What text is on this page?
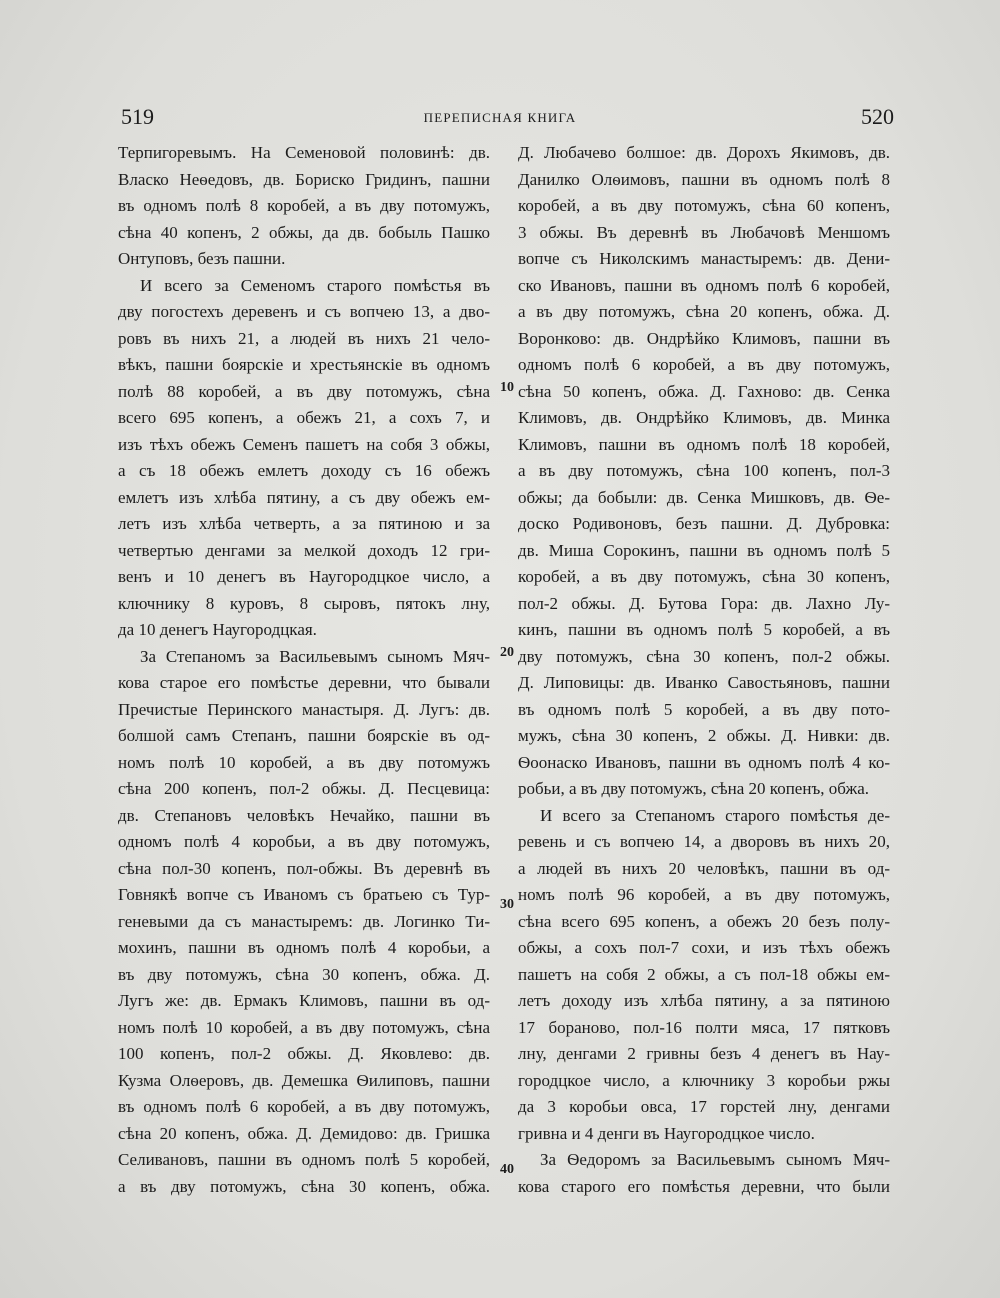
519	ПЕРЕПИСНАЯ КНИГА	520
Терпигоревымъ. На Семеновой половинѣ: дв.
Власко Неѳедовъ, дв. Бориско Гридинъ, пашни
въ одномъ полѣ 8 коробей, а въ дву потомужъ,
сѣна 40 копенъ, 2 обжы, да дв. бобыль Пашко
Онтуповъ, безъ пашни.
И всего за Семеномъ старого помѣстья въ
дву погостехъ деревенъ и съ вопчею 13, а дво-
ровъ въ нихъ 21, а людей въ нихъ 21 чело-
вѣкъ, пашни боярскіе и хрестьянскіе въ одномъ
полѣ 88 коробей, а въ дву потомужъ, сѣна
всего 695 копенъ, а обежъ 21, а сохъ 7, и
изъ тѣхъ обежъ Семенъ пашетъ на собя 3 обжы,
а съ 18 обежъ емлетъ доходу съ 16 обежъ
емлетъ изъ хлѣба пятину, а съ дву обежъ ем-
летъ изъ хлѣба четверть, а за пятиною и за
четвертью денгами за мелкой доходъ 12 гри-
венъ и 10 денегъ въ Наугородцкое число, а
ключнику 8 куровъ, 8 сыровъ, пятокъ лну,
да 10 денегъ Наугородцкая.
За Степаномъ за Васильевымъ сыномъ Мяч-
кова старое его помѣстье деревни, что бывали
Пречистые Перинского манастыря. Д. Лугъ: дв.
болшой самъ Степанъ, пашни боярскіе въ од-
номъ полѣ 10 коробей, а въ дву потомужъ
сѣна 200 копенъ, пол-2 обжы. Д. Песцевица:
дв. Степановъ человѣкъ Нечайко, пашни въ
одномъ полѣ 4 коробьи, а въ дву потомужъ,
сѣна пол-30 копенъ, пол-обжы. Въ деревнѣ въ
Говнякѣ вопче съ Иваномъ съ братьею съ Тур-
геневыми да съ манастыремъ: дв. Логинко Ти-
мохинъ, пашни въ одномъ полѣ 4 коробьи, а
въ дву потомужъ, сѣна 30 копенъ, обжа. Д.
Лугъ же: дв. Ермакъ Климовъ, пашни въ од-
номъ полѣ 10 коробей, а въ дву потомужъ, сѣна
100 копенъ, пол-2 обжы. Д. Яковлево: дв.
Кузма Олѳеровъ, дв. Демешка Ѳилиповъ, пашни
въ одномъ полѣ 6 коробей, а въ дву потомужъ,
сѣна 20 копенъ, обжа. Д. Демидово: дв. Гришка
Селивановъ, пашни въ одномъ полѣ 5 коробей,
а въ дву потомужъ, сѣна 30 копенъ, обжа.
Д. Любачево болшое: дв. Дорохъ Якимовъ, дв.
Данилко Олѳимовъ, пашни въ одномъ полѣ 8
коробей, а въ дву потомужъ, сѣна 60 копенъ,
3 обжы. Въ деревнѣ въ Любачовѣ Меншомъ
вопче съ Николскимъ манастыремъ: дв. Дени-
ско Ивановъ, пашни въ одномъ полѣ 6 коробей,
а въ дву потомужъ, сѣна 20 копенъ, обжа. Д.
Воронково: дв. Ондрѣйко Климовъ, пашни въ
одномъ полѣ 6 коробей, а въ дву потомужъ,
сѣна 50 копенъ, обжа. Д. Гахново: дв. Сенка
Климовъ, дв. Ондрѣйко Климовъ, дв. Минка
Климовъ, пашни въ одномъ полѣ 18 коробей,
а въ дву потомужъ, сѣна 100 копенъ, пол-3
обжы; да бобыли: дв. Сенка Мишковъ, дв. Ѳе-
доско Родивоновъ, безъ пашни. Д. Дубровка:
дв. Миша Сорокинъ, пашни въ одномъ полѣ 5
коробей, а въ дву потомужъ, сѣна 30 копенъ,
пол-2 обжы. Д. Бутова Гора: дв. Лахно Лу-
кинъ, пашни въ одномъ полѣ 5 коробей, а въ
дву потомужъ, сѣна 30 копенъ, пол-2 обжы.
Д. Липовицы: дв. Иванко Савостьяновъ, пашни
въ одномъ полѣ 5 коробей, а въ дву пото-
мужъ, сѣна 30 копенъ, 2 обжы. Д. Нивки: дв.
Ѳоонаско Ивановъ, пашни въ одномъ полѣ 4 ко-
робьи, а въ дву потомужъ, сѣна 20 копенъ, обжа.
И всего за Степаномъ старого помѣстья де-
ревень и съ вопчею 14, а дворовъ въ нихъ 20,
а людей въ нихъ 20 человѣкъ, пашни въ од-
номъ полѣ 96 коробей, а въ дву потомужъ,
сѣна всего 695 копенъ, а обежъ 20 безъ полу-
обжы, а сохъ пол-7 сохи, и изъ тѣхъ обежъ
пашетъ на собя 2 обжы, а съ пол-18 обжы ем-
летъ доходу изъ хлѣба пятину, а за пятиною
17 бораново, пол-16 полти мяса, 17 пятковъ
лну, денгами 2 гривны безъ 4 денегъ въ Нау-
городцкое число, а ключнику 3 коробьи ржы
да 3 коробьи овса, 17 горстей лну, денгами
гривна и 4 денги въ Наугородцкое число.
За Ѳедоромъ за Васильевымъ сыномъ Мяч-
кова старого его помѣстья деревни, что были
10
20
30
40
